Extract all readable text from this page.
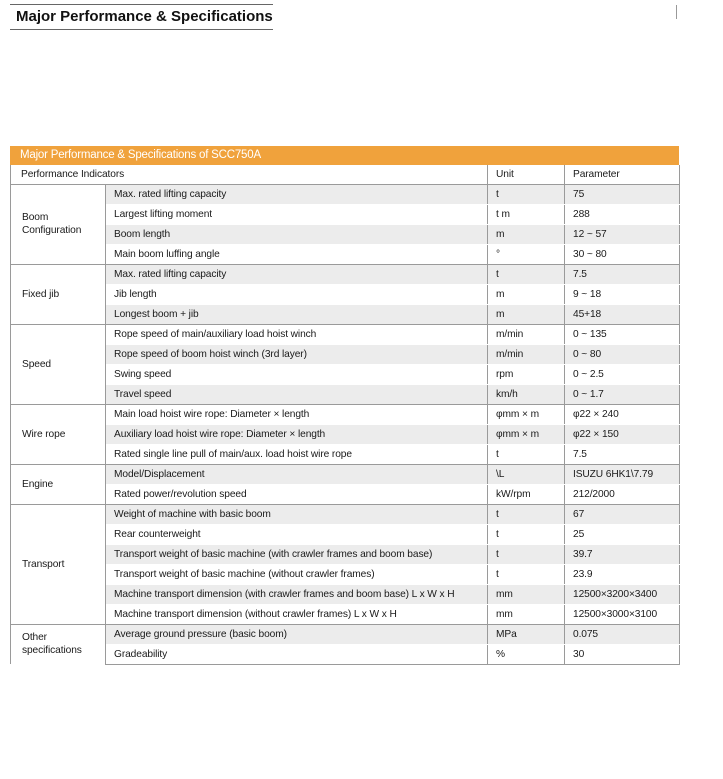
Major Performance & Specifications
Major Performance & Specifications of SCC750A
Performance Indicators		Unit	Parameter
Boom Configuration	Max. rated lifting capacity	t	75
	Largest lifting moment	t m	288
	Boom length	m	12 ~ 57
	Main boom luffing angle	°	30 ~ 80
Fixed jib	Max. rated lifting capacity	t	7.5
	Jib length	m	9 ~ 18
	Longest boom + jib	m	45+18
Speed	Rope speed of main/auxiliary load hoist winch	m/min	0 ~ 135
	Rope speed of boom hoist winch (3rd layer)	m/min	0 ~ 80
	Swing speed	rpm	0 ~ 2.5
	Travel speed	km/h	0 ~ 1.7
Wire rope	Main load hoist wire rope: Diameter × length	φmm × m	φ22 × 240
	Auxiliary load hoist wire rope: Diameter × length	φmm × m	φ22 × 150
	Rated single line pull of main/aux. load hoist wire rope	t	7.5
Engine	Model/Displacement	\L	ISUZU 6HK1\7.79
	Rated power/revolution speed	kW/rpm	212/2000
Transport	Weight of machine with basic boom	t	67
	Rear counterweight	t	25
	Transport weight of basic machine (with crawler frames and boom base)	t	39.7
	Transport weight of basic machine (without crawler frames)	t	23.9
	Machine transport dimension (with crawler frames and boom base) L x W x H	mm	12500×3200×3400
	Machine transport dimension (without crawler frames) L x W x H	mm	12500×3000×3100
Other specifications	Average ground pressure (basic boom)	MPa	0.075
	Gradeability	%	30
